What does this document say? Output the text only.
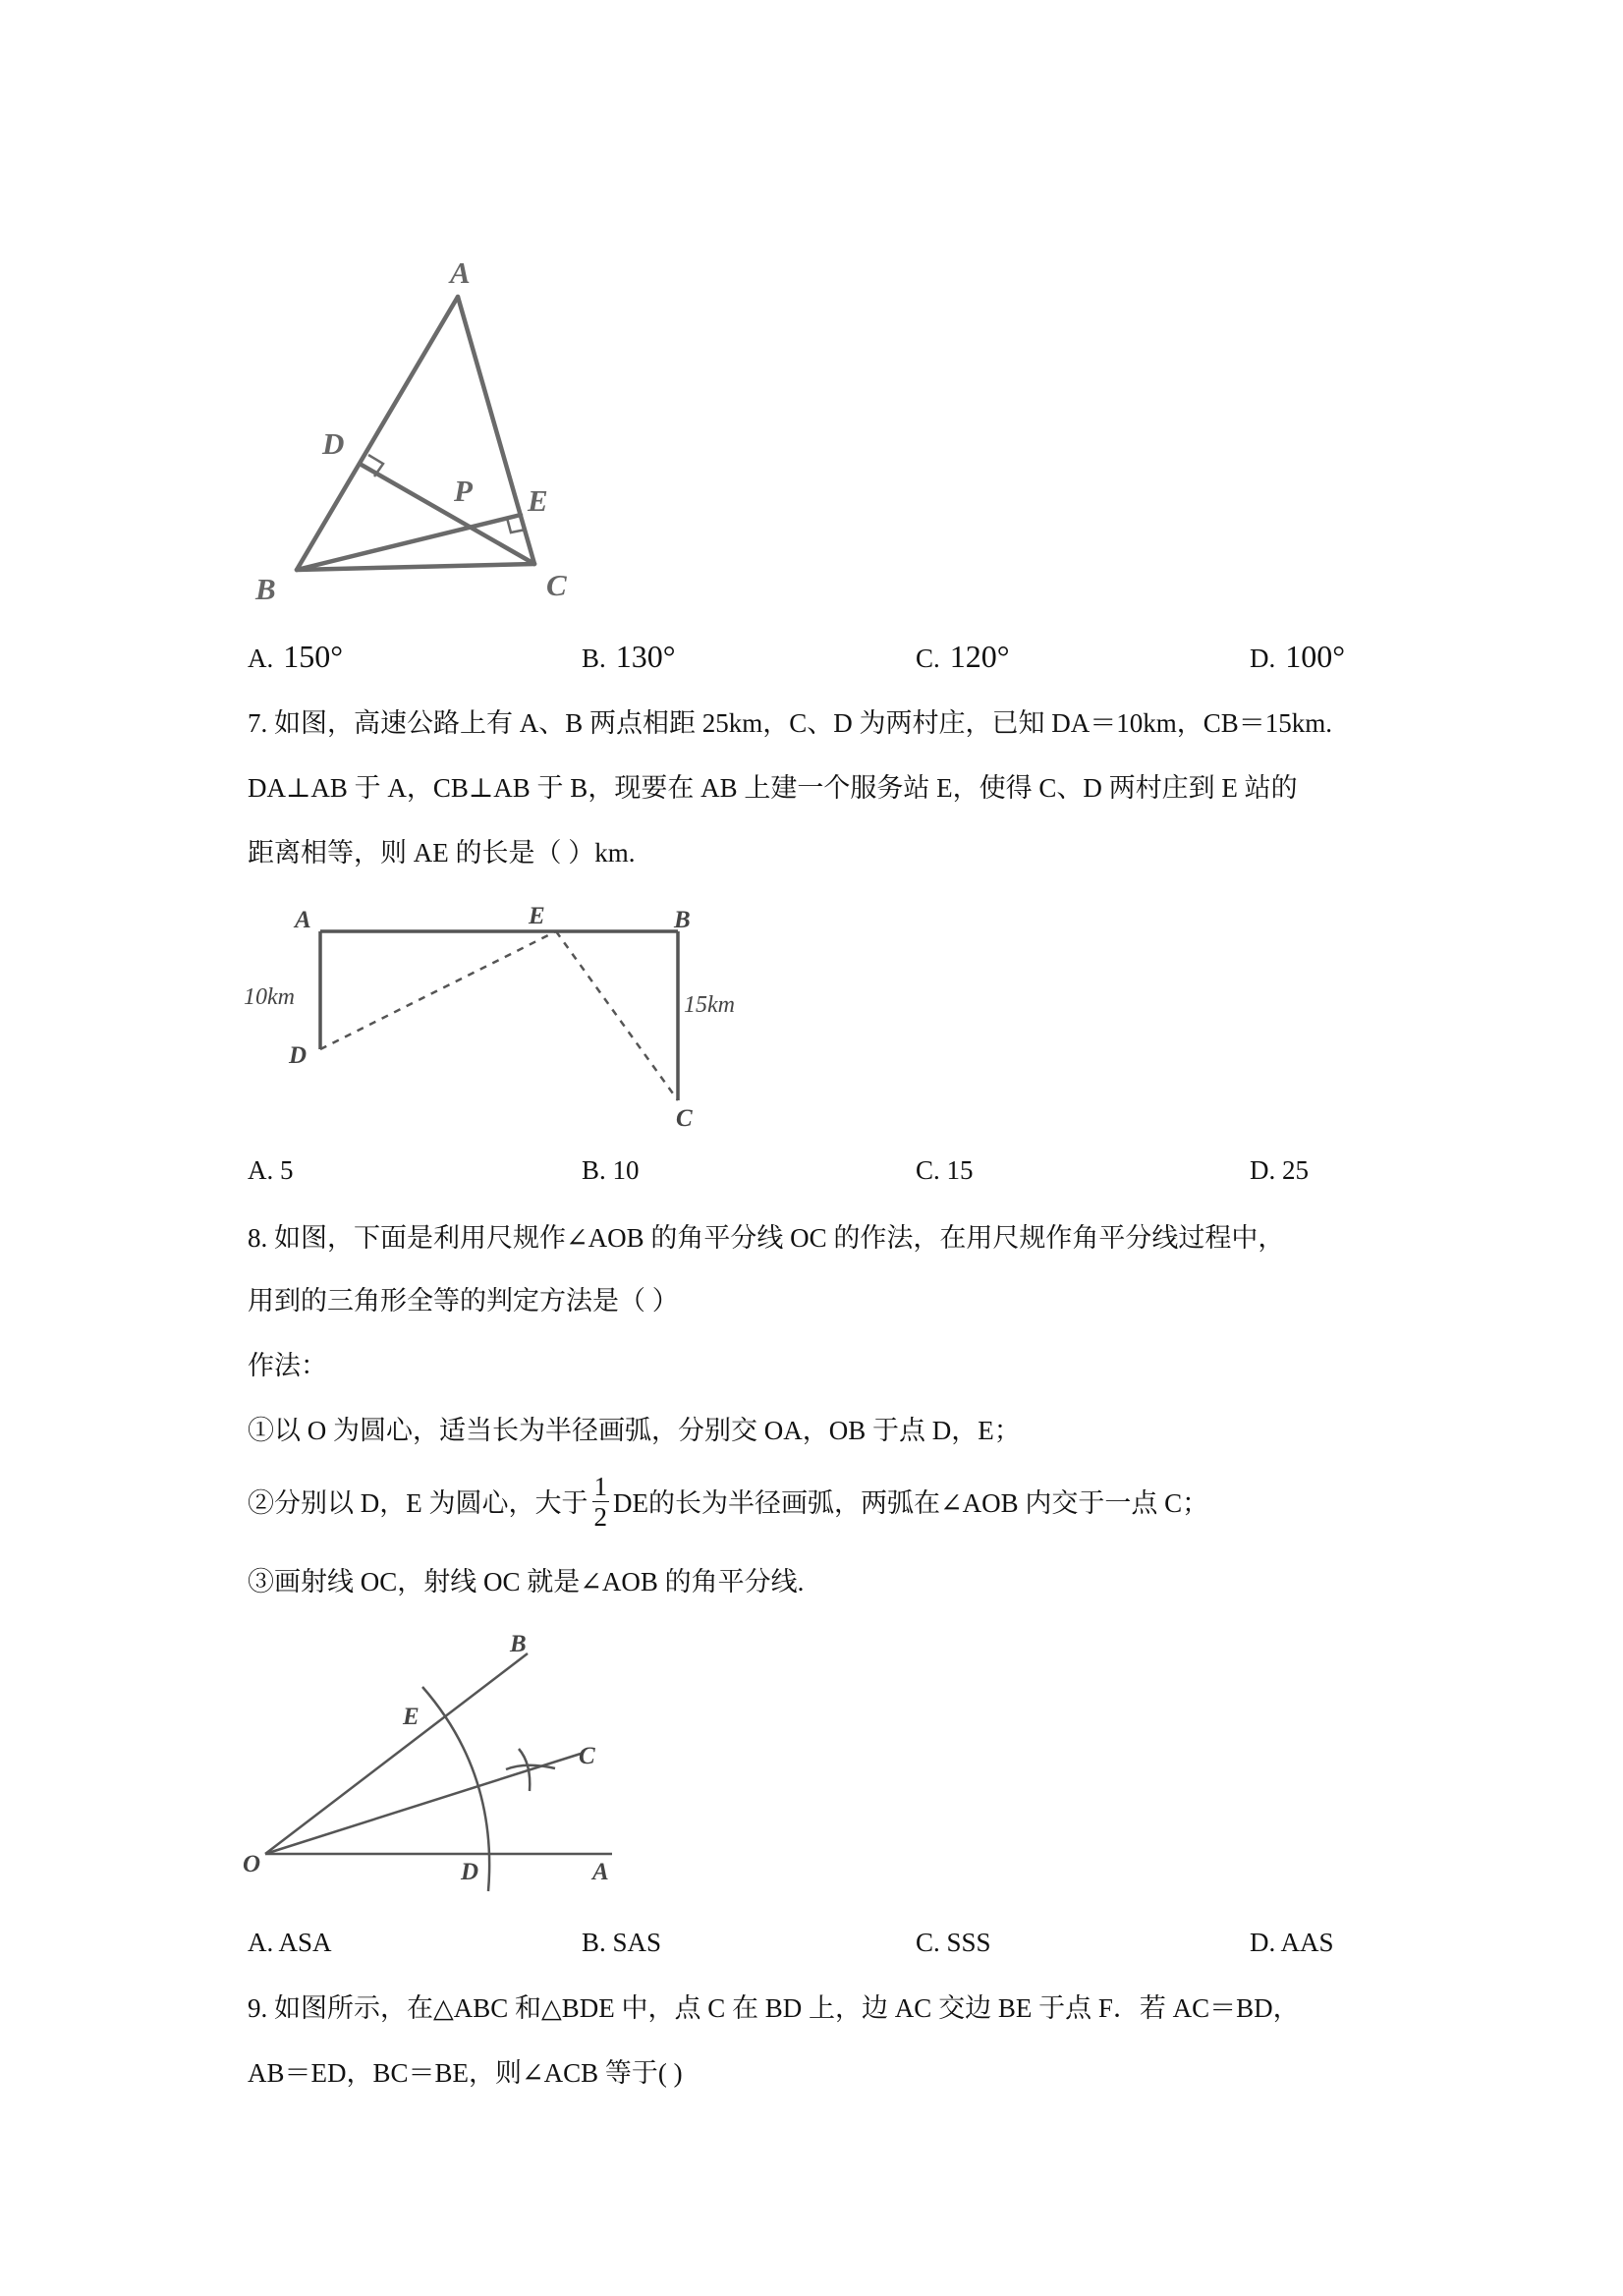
A
D
P E
B	C
A. 150°	B. 130°	C. 120°	D. 100°
7. 如图，高速公路上有 A、B 两点相距 25km，C、D 为两村庄，已知 DA＝10km，CB＝15km.
DA⊥AB 于 A，CB⊥AB 于 B，现要在 AB 上建一个服务站 E，使得 C、D 两村庄到 E 站的
距离相等，则 AE 的长是（ ）km.
A	E	B
10km	15km
D
C
A. 5	B. 10	C. 15	D. 25
8. 如图，下面是利用尺规作∠AOB 的角平分线 OC 的作法，在用尺规作角平分线过程中，
用到的三角形全等的判定方法是（ ）
作法：
①以 O 为圆心，适当长为半径画弧，分别交 OA，OB 于点 D，E；
②分别以 D，E 为圆心，大于 $\frac{1}{2}$ DE的长为半径画弧，两弧在∠AOB 内交于一点 C；
③画射线 OC，射线 OC 就是∠AOB 的角平分线.
B
E
C
O	D	A
A. ASA	B. SAS	C. SSS	D. AAS
9. 如图所示，在△ABC 和△BDE 中，点 C 在 BD 上，边 AC 交边 BE 于点 F．若 AC＝BD，
AB＝ED，BC＝BE，则∠ACB 等于( )
